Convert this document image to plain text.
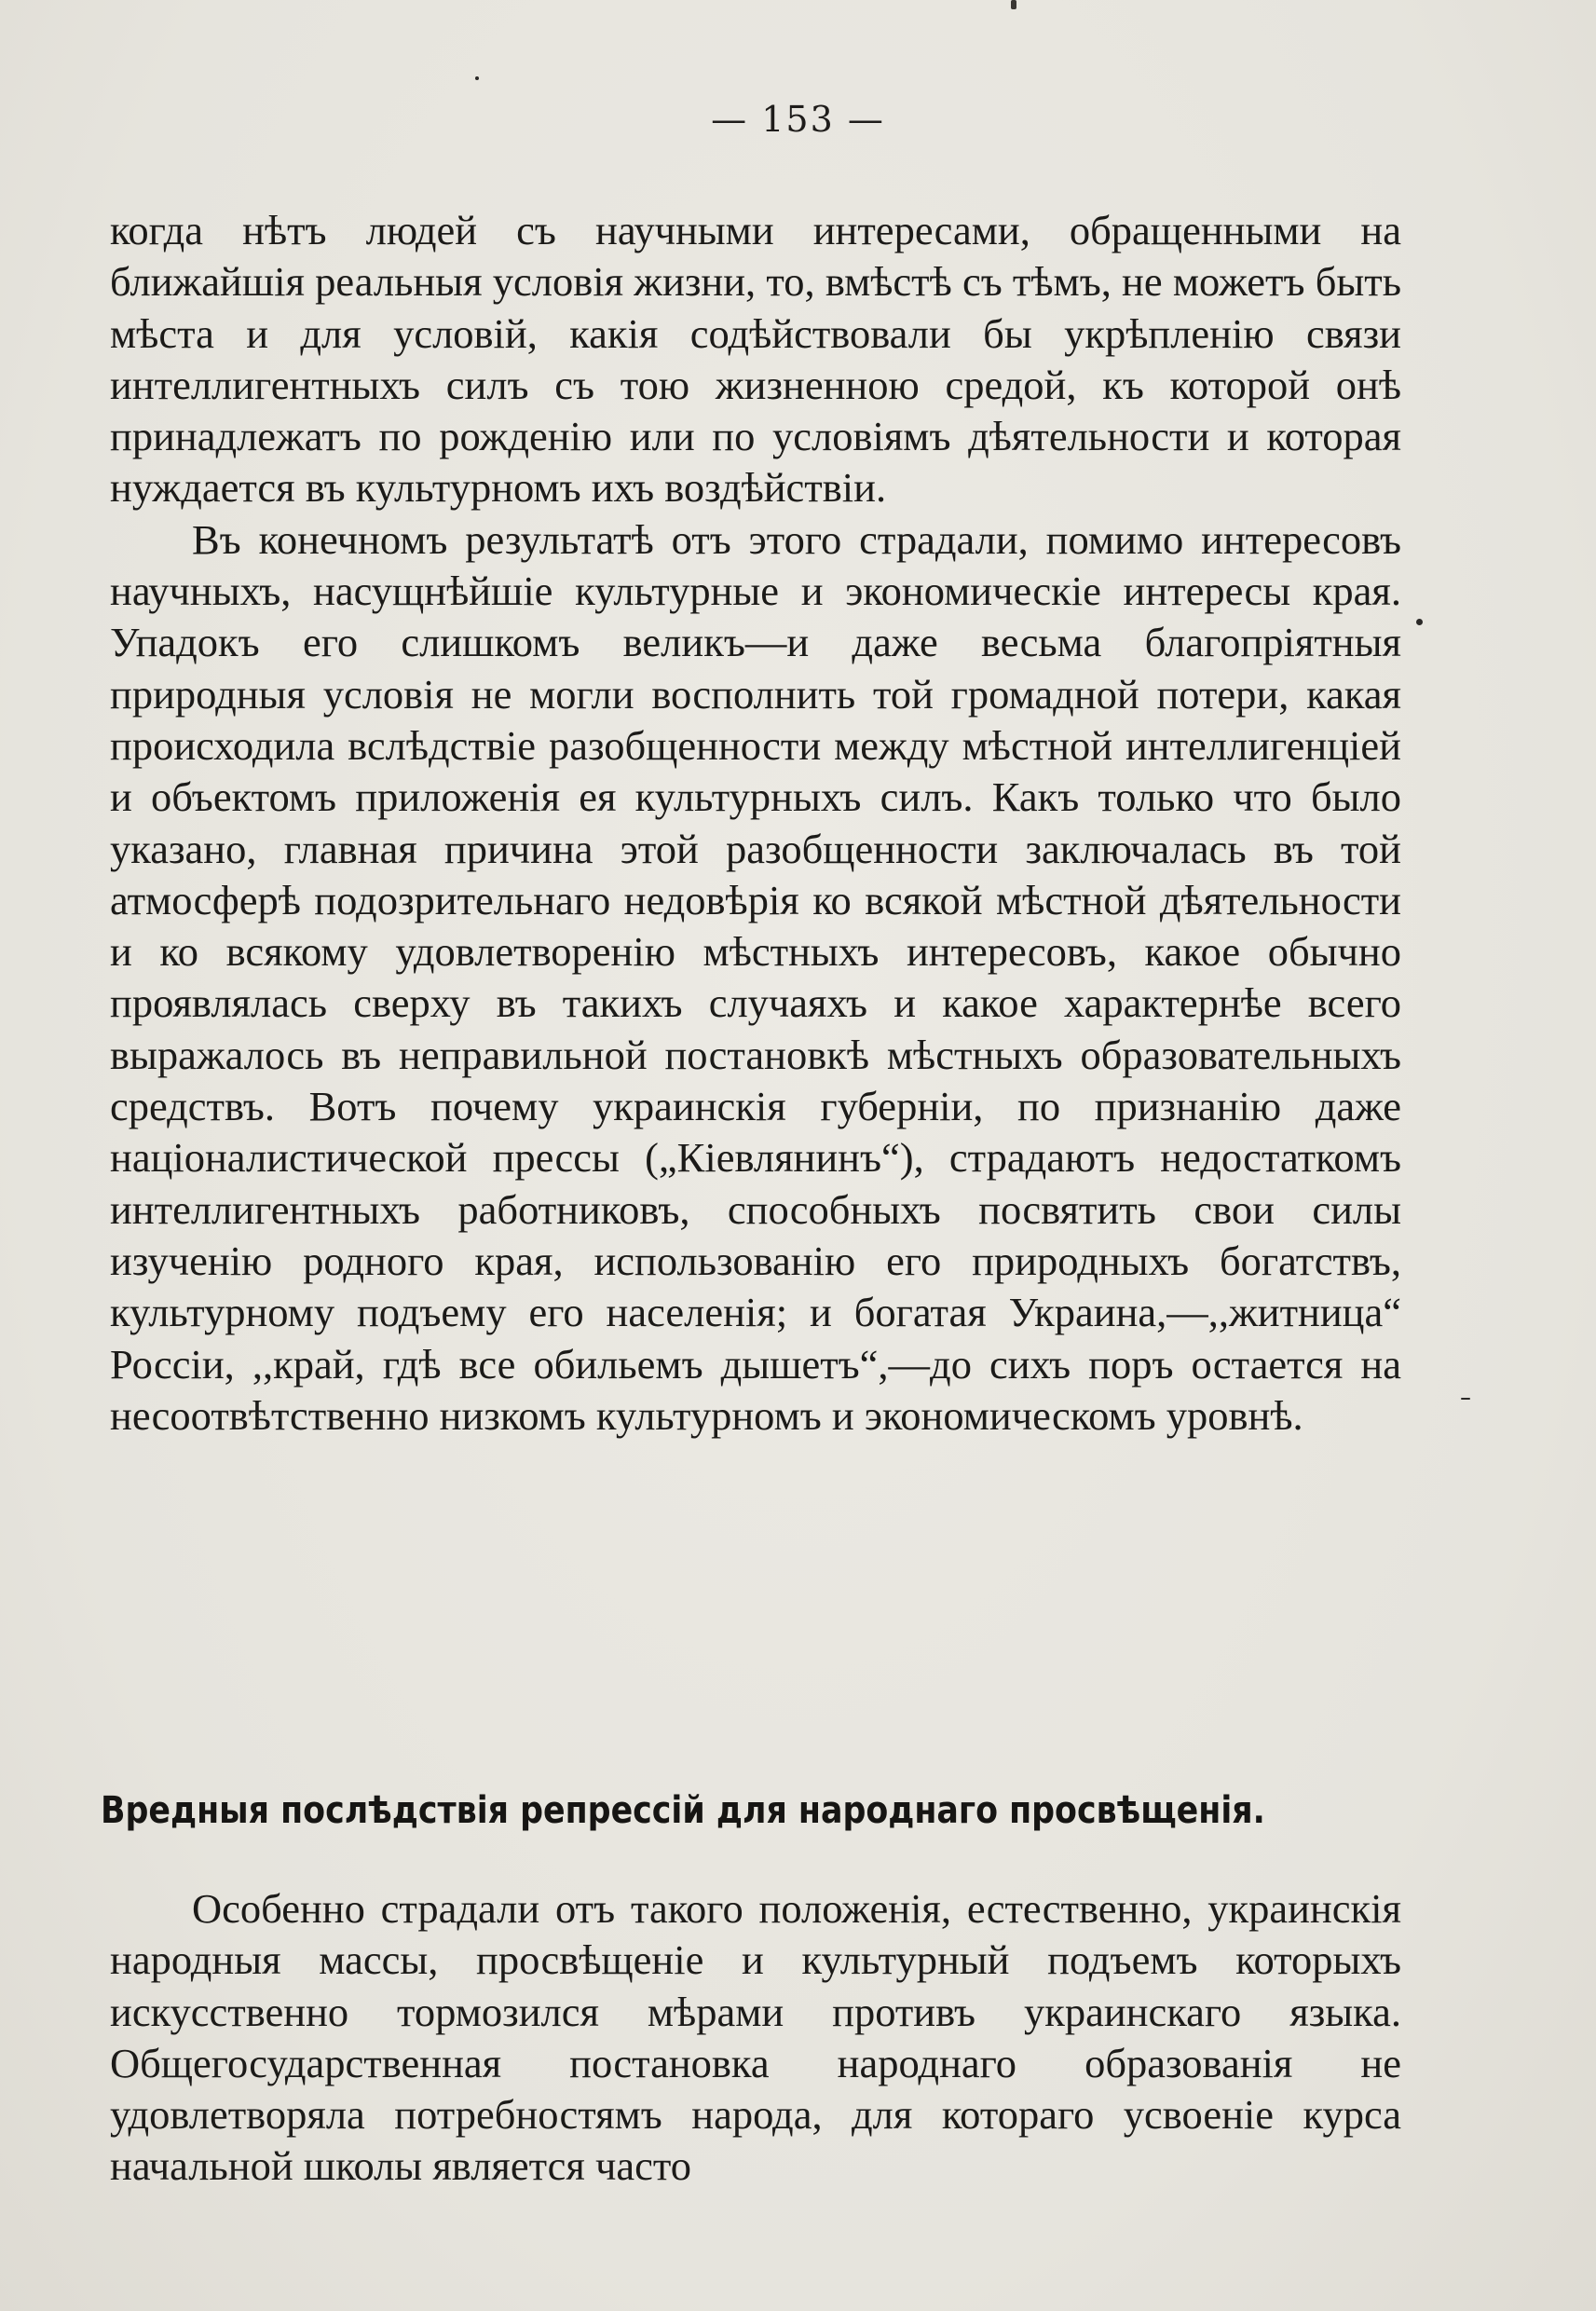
— 153 —

когда нѣтъ людей съ научными интересами, обращенными на ближайшія реальныя условія жизни, то, вмѣстѣ съ тѣмъ, не можетъ быть мѣста и для условій, какія содѣйствовали бы укрѣпленію связи интеллигентныхъ силъ съ тою жизненною средой, къ которой онѣ принадлежатъ по рожденію или по условіямъ дѣятельности и которая нуждается въ культурномъ ихъ воздѣйствіи.

Въ конечномъ результатѣ отъ этого страдали, помимо интересовъ научныхъ, насущнѣйшіе культурные и экономическіе интересы края. Упадокъ его слишкомъ великъ—и даже весьма благопріятныя природныя условія не могли восполнить той громадной потери, какая происходила вслѣдствіе разобщенности между мѣстной интеллигенціей и объектомъ приложенія ея культурныхъ силъ. Какъ только что было указано, главная причина этой разобщенности заключалась въ той атмосферѣ подозрительнаго недовѣрія ко всякой мѣстной дѣятельности и ко всякому удовлетворенію мѣстныхъ интересовъ, какое обычно проявлялась сверху въ такихъ случаяхъ и какое характернѣе всего выражалось въ неправильной постановкѣ мѣстныхъ образовательныхъ средствъ. Вотъ почему украинскія губерніи, по признанію даже націоналистической прессы („Кіевлянинъ“), страдаютъ недостаткомъ интеллигентныхъ работниковъ, способныхъ посвятить свои силы изученію родного края, использованію его природныхъ богатствъ, культурному подъему его населенія; и богатая Украина,—,,житница“ Россіи, ,,край, гдѣ все обильемъ дышетъ“,—до сихъ поръ остается на несоотвѣтственно низкомъ культурномъ и экономическомъ уровнѣ.

Вредныя послѣдствія репрессій для народнаго просвѣщенія.

Особенно страдали отъ такого положенія, естественно, украинскія народныя массы, просвѣщеніе и культурный подъемъ которыхъ искусственно тормозился мѣрами противъ украинскаго языка. Общегосударственная постановка народнаго образованія не удовлетворяла потребностямъ народа, для котораго усвоеніе курса начальной школы является часто
